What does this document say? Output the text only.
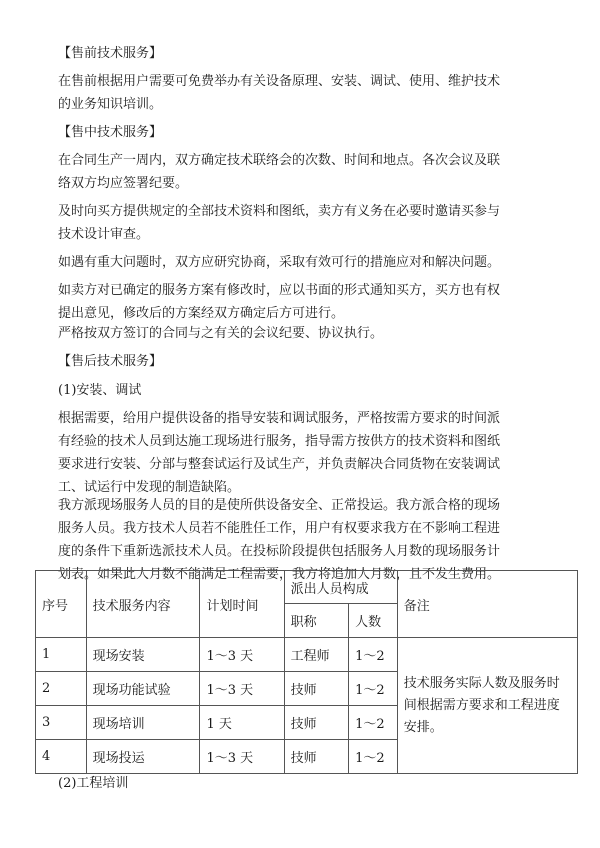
【售前技术服务】

在售前根据用户需要可免费举办有关设备原理、安装、调试、使用、维护技术
的业务知识培训。

【售中技术服务】

在合同生产一周内，双方确定技术联络会的次数、时间和地点。各次会议及联
络双方均应签署纪要。

及时向买方提供规定的全部技术资料和图纸，卖方有义务在必要时邀请买参与
技术设计审查。

如遇有重大问题时，双方应研究协商，采取有效可行的措施应对和解决问题。

如卖方对已确定的服务方案有修改时，应以书面的形式通知买方，买方也有权
提出意见，修改后的方案经双方确定后方可进行。

严格按双方签订的合同与之有关的会议纪要、协议执行。

【售后技术服务】

(1)安装、调试

根据需要，给用户提供设备的指导安装和调试服务，严格按需方要求的时间派
有经验的技术人员到达施工现场进行服务，指导需方按供方的技术资料和图纸
要求进行安装、分部与整套试运行及试生产，并负责解决合同货物在安装调试
工、试运行中发现的制造缺陷。

我方派现场服务人员的目的是使所供设备安全、正常投运。我方派合格的现场
服务人员。我方技术人员若不能胜任工作，用户有权要求我方在不影响工程进
度的条件下重新选派技术人员。在投标阶段提供包括服务人月数的现场服务计
划表。如果此人月数不能满足工程需要，我方将追加人月数，且不发生费用。

序号	技术服务内容	计划时间	派出人员构成		备注
			职称	人数	
1	现场安装	1～3 天	工程师	1～2	技术服务实际人数及服务时间根据需方要求和工程进度安排。

2	现场功能试验	1～3 天	技师	1～2	
3	现场培训	1 天	技师	1～2	
4	现场投运	1～3 天	技师	1～2	

(2)工程培训
